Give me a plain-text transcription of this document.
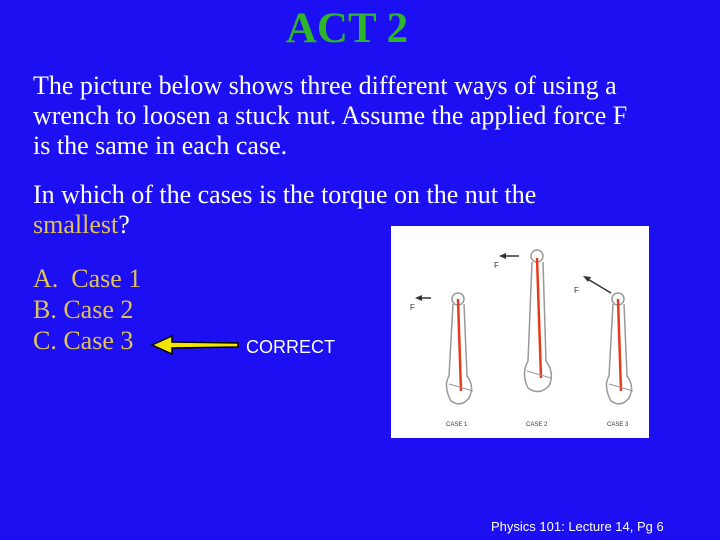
ACT 2

The picture below shows three different ways of using a wrench to loosen a stuck nut. Assume the applied force F is the same in each case.

In which of the cases is the torque on the nut the smallest?

A.  Case 1
B. Case 2
C. Case 3	CORRECT
F
CASE 1
F
CASE 2
F
CASE 3
Physics 101: Lecture 14, Pg 6
